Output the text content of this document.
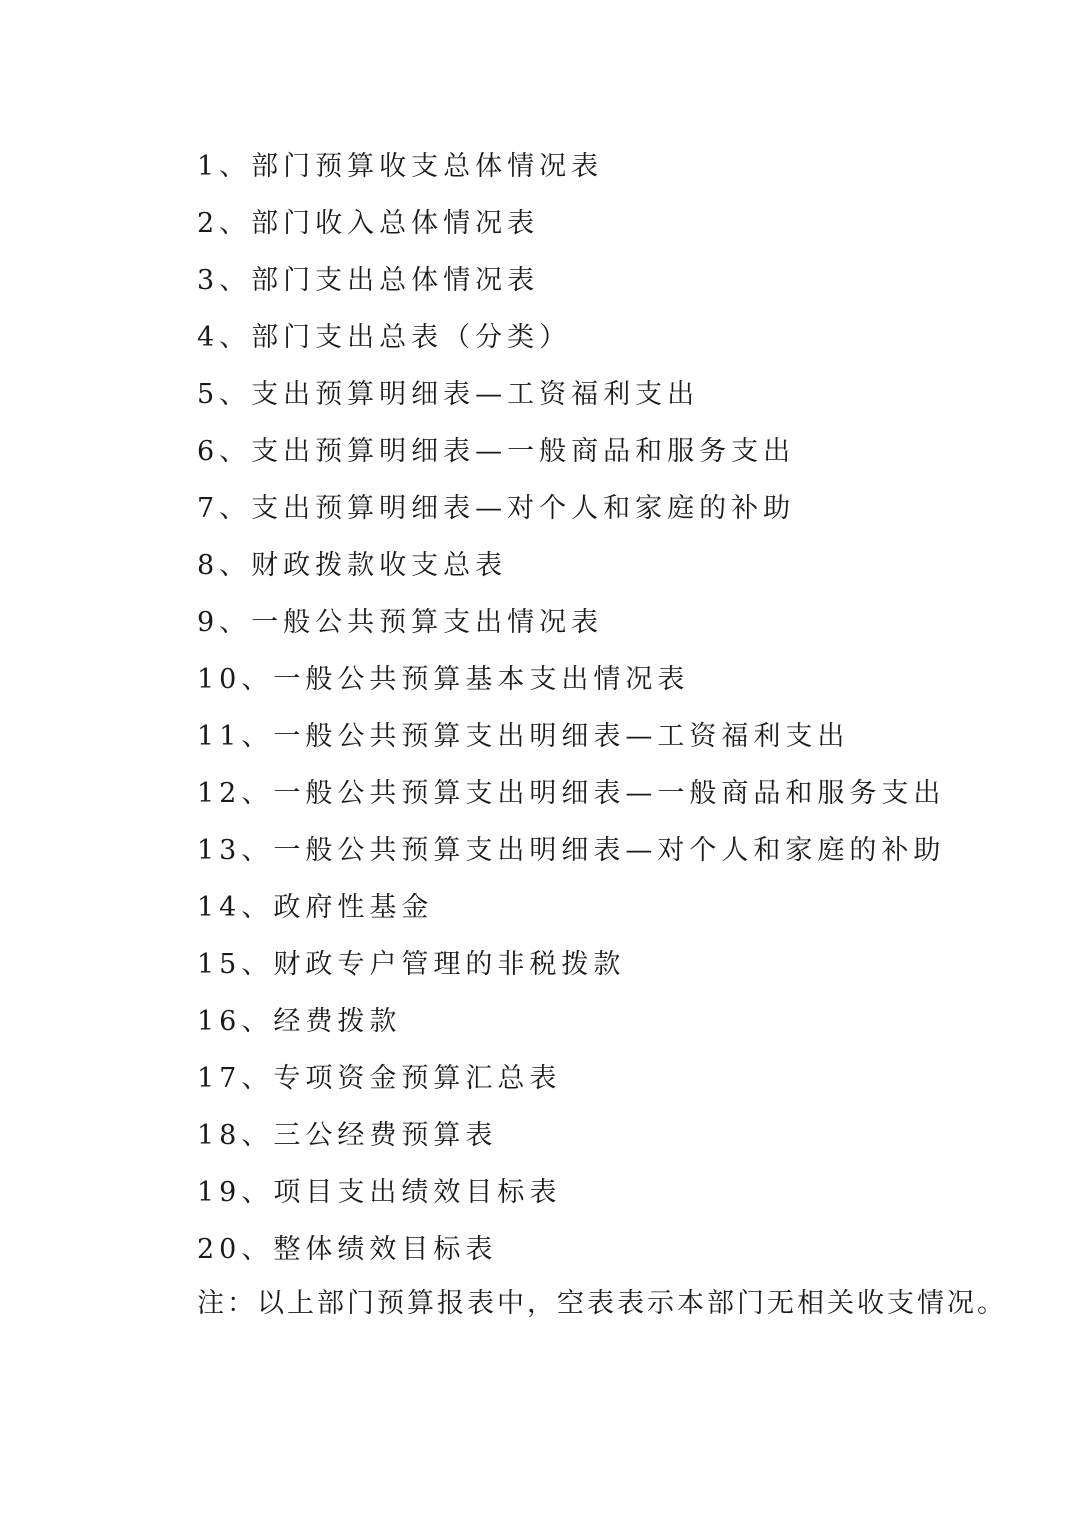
1、部门预算收支总体情况表
2、部门收入总体情况表
3、部门支出总体情况表
4、部门支出总表（分类）
5、支出预算明细表—工资福利支出
6、支出预算明细表—一般商品和服务支出
7、支出预算明细表—对个人和家庭的补助
8、财政拨款收支总表
9、一般公共预算支出情况表
10、一般公共预算基本支出情况表
11、一般公共预算支出明细表—工资福利支出
12、一般公共预算支出明细表—一般商品和服务支出
13、一般公共预算支出明细表—对个人和家庭的补助
14、政府性基金
15、财政专户管理的非税拨款
16、经费拨款
17、专项资金预算汇总表
18、三公经费预算表
19、项目支出绩效目标表
20、整体绩效目标表

注：以上部门预算报表中，空表表示本部门无相关收支情况。
